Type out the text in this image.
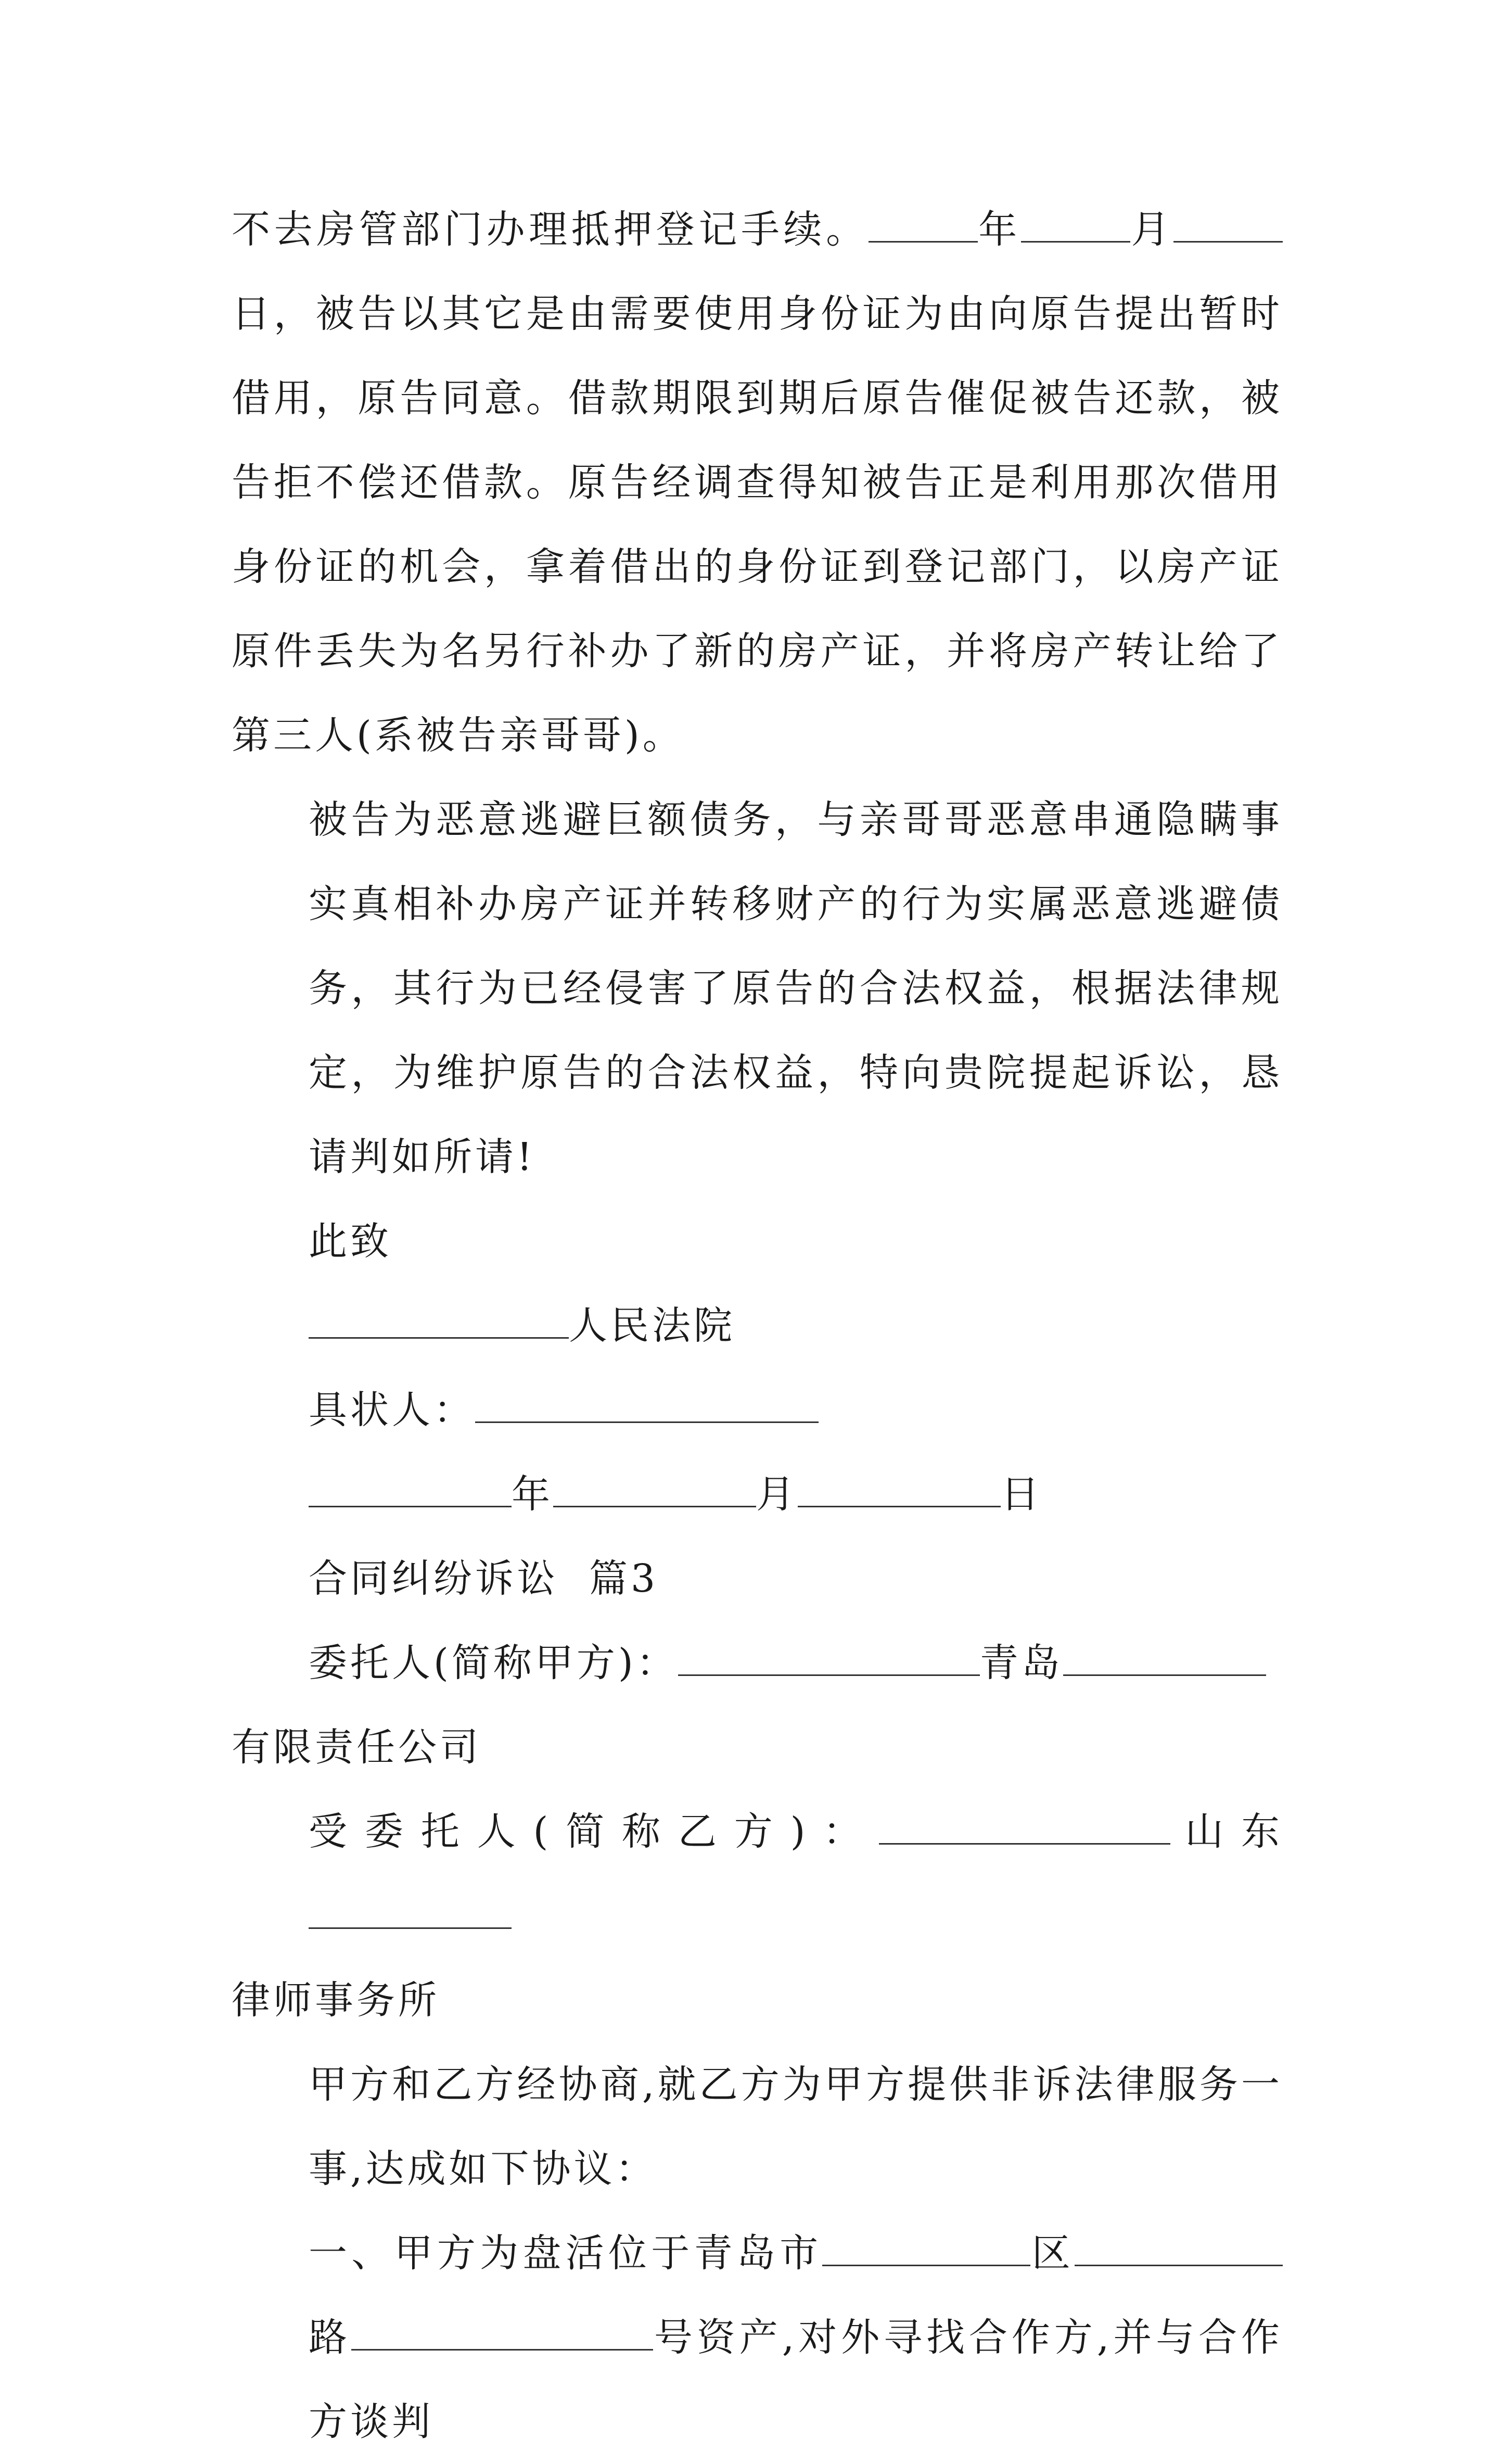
不去房管部门办理抵押登记手续。	年	月日，被告以其它是由需要使用身份证为由向原告提出暂时借用，原告同意。借款期限到期后原告催促被告还款，被告拒不偿还借款。原告经调查得知被告正是利用那次借用身份证的机会，拿着借出的身份证到登记部门，以房产证原件丢失为名另行补办了新的房产证，并将房产转让给了第三人(系被告亲哥哥)。

被告为恶意逃避巨额债务，与亲哥哥恶意串通隐瞒事实真相补办房产证并转移财产的行为实属恶意逃避债务，其行为已经侵害了原告的合法权益，根据法律规定，为维护原告的合法权益，特向贵院提起诉讼，恳请判如所请!

此致

人民法院

具状人：

年	月	日

合同纠纷诉讼  篇3

委托人(简称甲方)：	青岛

有限责任公司

受委托人(简称乙方)：	山东

律师事务所

甲方和乙方经协商,就乙方为甲方提供非诉法律服务一事,达成如下协议：

一、甲方为盘活位于青岛市	区路	号资产,对外寻找合作方,并与合作方谈判
